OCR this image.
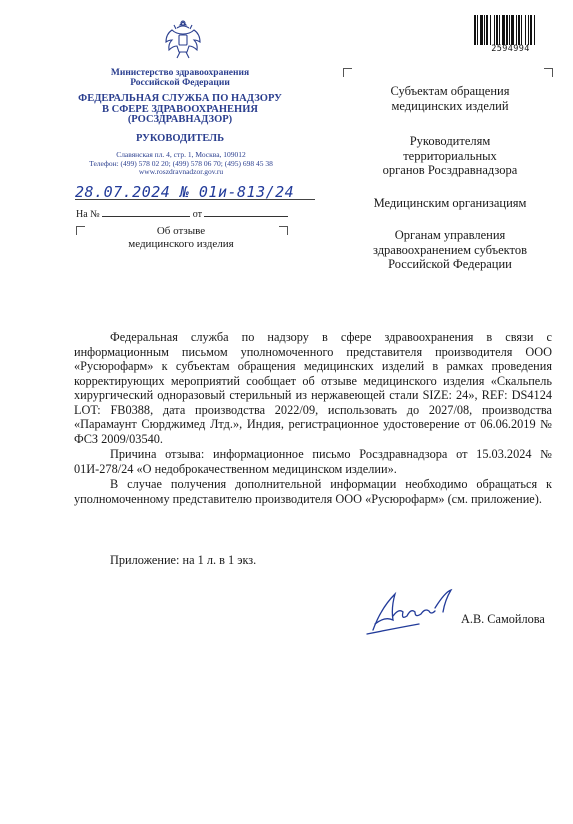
Министерство здравоохранения
Российской Федерации
ФЕДЕРАЛЬНАЯ СЛУЖБА ПО НАДЗОРУ
В СФЕРЕ ЗДРАВООХРАНЕНИЯ
(РОСЗДРАВНАДЗОР)
РУКОВОДИТЕЛЬ
Славянская пл. 4, стр. 1, Москва, 109012
Телефон: (499) 578 02 20; (499) 578 06 70; (495) 698 45 38
www.roszdravnadzor.gov.ru
28.07.2024 № 01и-813/24
На №	от
Об отзыве
медицинского изделия
2594994
Субъектам обращения
медицинских изделий
Руководителям
территориальных
органов Росздравнадзора
Медицинским организациям
Органам управления
здравоохранением субъектов
Российской Федерации

Федеральная служба по надзору в сфере здравоохранения в связи с информационным письмом уполномоченного представителя производителя ООО «Русюрофарм» к субъектам обращения медицинских изделий в рамках проведения корректирующих мероприятий сообщает об отзыве медицинского изделия «Скальпель хирургический одноразовый стерильный из нержавеющей стали SIZE: 24», REF: DS4124 LOT: FB0388, дата производства 2022/09, использовать до 2027/08, производства «Парамаунт Сюрджимед Лтд.», Индия, регистрационное удостоверение от 06.06.2019 № ФСЗ 2009/03540.

Причина отзыва: информационное письмо Росздравнадзора от 15.03.2024 № 01И-278/24 «О недоброкачественном медицинском изделии».

В случае получения дополнительной информации необходимо обращаться к уполномоченному представителю производителя ООО «Русюрофарм» (см. приложение).

Приложение: на 1 л. в 1 экз.
А.В. Самойлова
